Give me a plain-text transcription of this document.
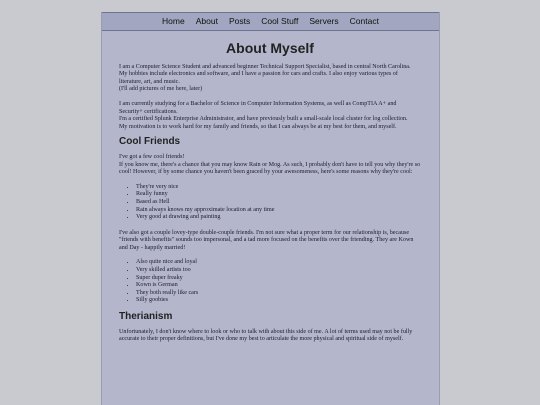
Home About Posts Cool Stuff Servers Contact
About Myself

I am a Computer Science Student and advanced beginner Technical Support Specialist, based in central North Carolina.
My hobbies include electronics and software, and I have a passion for cars and crafts. I also enjoy various types of literature, art, and music.
(I'll add pictures of me here, later)

I am currently studying for a Bachelor of Science in Computer Information Systems, as well as CompTIA A+ and Security+ certifications.
I'm a certified Splunk Enterprise Administrator, and have previously built a small-scale local cluster for log collection.
My motivation is to work hard for my family and friends, so that I can always be at my best for them, and myself.

Cool Friends

I've got a few cool friends!
If you know me, there's a chance that you may know Rain or Mog. As such, I probably don't have to tell you why they're so cool! However, if by some chance you haven't been graced by your awesomeness, here's some reasons why they're cool:

• They're very nice
• Really funny
• Based as Hell
• Rain always knows my approximate location at any time
• Very good at drawing and painting

I've also got a couple lovey-type double-couple friends. I'm not sure what a proper term for our relationship is, because "friends with benefits" sounds too impersonal, and a tad more focused on the benefits over the friending. They are Kown and Day - happily married!

• Also quite nice and loyal
• Very skilled artists too
• Super duper freaky
• Kown is German
• They both really like cars
• Silly goobies
Therianism

Unfortunately, I don't know where to look or who to talk with about this side of me. A lot of terms used may not be fully accurate to their proper definitions, but I've done my best to articulate the more physical and spiritual side of myself.
